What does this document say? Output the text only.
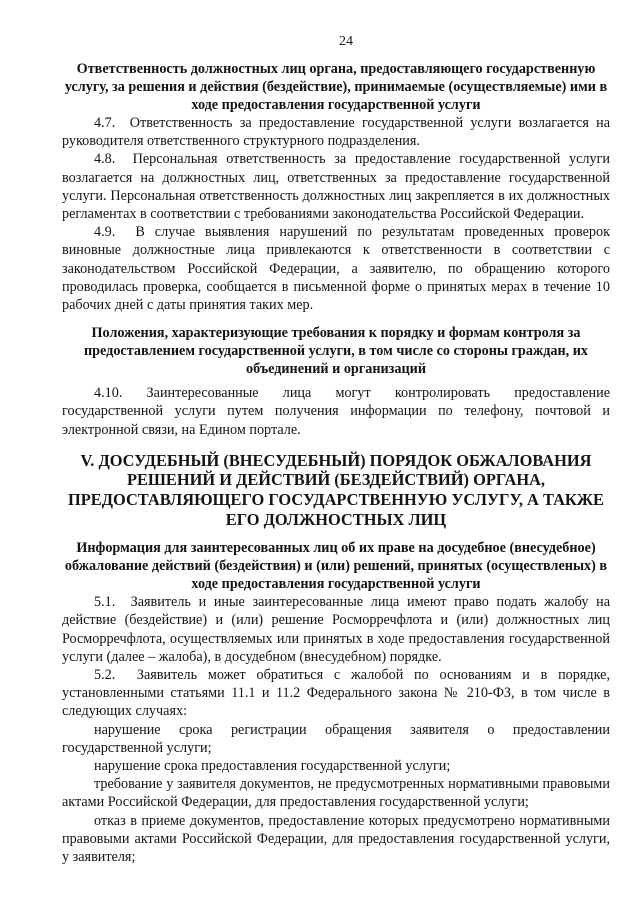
24

Ответственность должностных лиц органа, предоставляющего государственную услугу, за решения и действия (бездействие), принимаемые (осуществляемые) ими в ходе предоставления государственной услуги

4.7.  Ответственность за предоставление государственной услуги возлагается на руководителя ответственного структурного подразделения.

4.8.  Персональная ответственность за предоставление государственной услуги возлагается на должностных лиц, ответственных за предоставление государственной услуги. Персональная ответственность должностных лиц закрепляется в их должностных регламентах в соответствии с требованиями законодательства Российской Федерации.

4.9.  В случае выявления нарушений по результатам проведенных проверок виновные должностные лица привлекаются к ответственности в соответствии с законодательством Российской Федерации, а заявителю, по обращению которого проводилась проверка, сообщается в письменной форме о принятых мерах в течение 10 рабочих дней с даты принятия таких мер.

Положения, характеризующие требования к порядку и формам контроля за предоставлением государственной услуги, в том числе со стороны граждан, их объединений и организаций

4.10. Заинтересованные лица могут контролировать предоставление государственной услуги путем получения информации по телефону, почтовой и электронной связи, на Едином портале.

V. ДОСУДЕБНЫЙ (ВНЕСУДЕБНЫЙ) ПОРЯДОК ОБЖАЛОВАНИЯ РЕШЕНИЙ И ДЕЙСТВИЙ (БЕЗДЕЙСТВИЙ) ОРГАНА, ПРЕДОСТАВЛЯЮЩЕГО ГОСУДАРСТВЕННУЮ УСЛУГУ, А ТАКЖЕ ЕГО ДОЛЖНОСТНЫХ ЛИЦ

Информация для заинтересованных лиц об их праве на досудебное (внесудебное) обжалование действий (бездействия) и (или) решений, принятых (осуществленых) в ходе предоставления государственной услуги

5.1.  Заявитель и иные заинтересованные лица имеют право подать жалобу на действие (бездействие) и (или) решение Росморречфлота и (или) должностных лиц Росморречфлота, осуществляемых или принятых в ходе предоставления государственной услуги (далее – жалоба), в досудебном (внесудебном) порядке.

5.2.  Заявитель может обратиться с жалобой по основаниям и в порядке, установленными статьями 11.1 и 11.2 Федерального закона № 210-ФЗ, в том числе в следующих случаях:

нарушение срока регистрации обращения заявителя о предоставлении государственной услуги;

нарушение срока предоставления государственной услуги;

требование у заявителя документов, не предусмотренных нормативными правовыми актами Российской Федерации, для предоставления государственной услуги;

отказ в приеме документов, предоставление которых предусмотрено нормативными правовыми актами Российской Федерации, для предоставления государственной услуги, у заявителя;
